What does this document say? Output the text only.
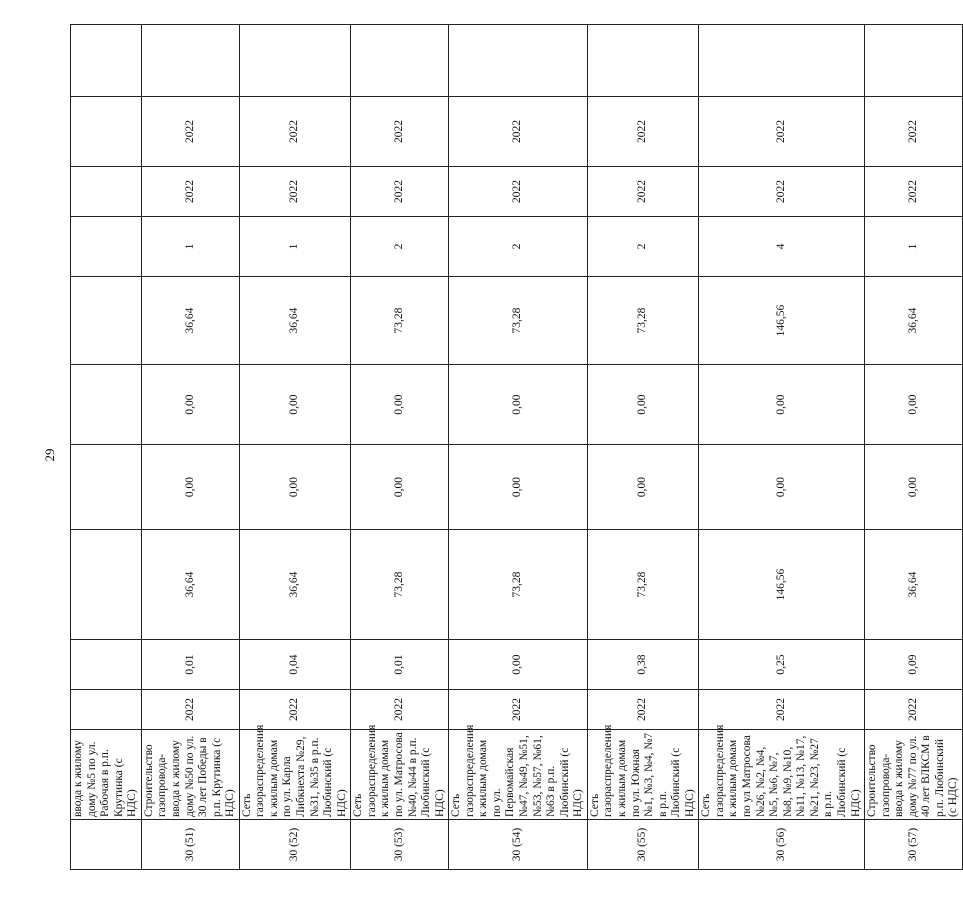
29
	ввода к жилому дому №5 по ул. Рабочая в р.п. Крутинка (с НДС)										
30 (51)	Строительство газопровода-ввода к жилому дому №50 по ул. 30 лет Победы в р.п. Крутинка (с НДС)	2022	0,01	36,64	0,00	0,00	36,64	1	2022	2022	
30 (52)	Сеть газораспределения к жилым домам по ул. Карла Либкнехта №29, №31, №35 в р.п. Любинский (с НДС)	2022	0,04	36,64	0,00	0,00	36,64	1	2022	2022	
30 (53)	Сеть газораспределения к жилым домам по ул. Матросова №40, №44 в р.п. Любинский (с НДС)	2022	0,01	73,28	0,00	0,00	73,28	2	2022	2022	
30 (54)	Сеть газораспределения к жилым домам по ул. Первомайская №47, №49, №51, №53, №57, №61, №63 в р.п. Любинский (с НДС)	2022	0,00	73,28	0,00	0,00	73,28	2	2022	2022	
30 (55)	Сеть газораспределения к жилым домам по ул. Южная №1, №3, №4, №7 в р.п. Любинский (с НДС)	2022	0,38	73,28	0,00	0,00	73,28	2	2022	2022	
30 (56)	Сеть газораспределения к жилым домам по ул Матросова №26, №2, №4, №5, №6, №7, №8, №9, №10, №11, №13, №17, №21, №23, №27 в р.п. Любинский (с НДС)	2022	0,25	146,56	0,00	0,00	146,56	4	2022	2022	
30 (57)	Строительство газопровода-ввода к жилому дому №77 по ул. 40 лет ВЛКСМ в р.п. Любинский (с НДС)	2022	0,09	36,64	0,00	0,00	36,64	1	2022	2022	
